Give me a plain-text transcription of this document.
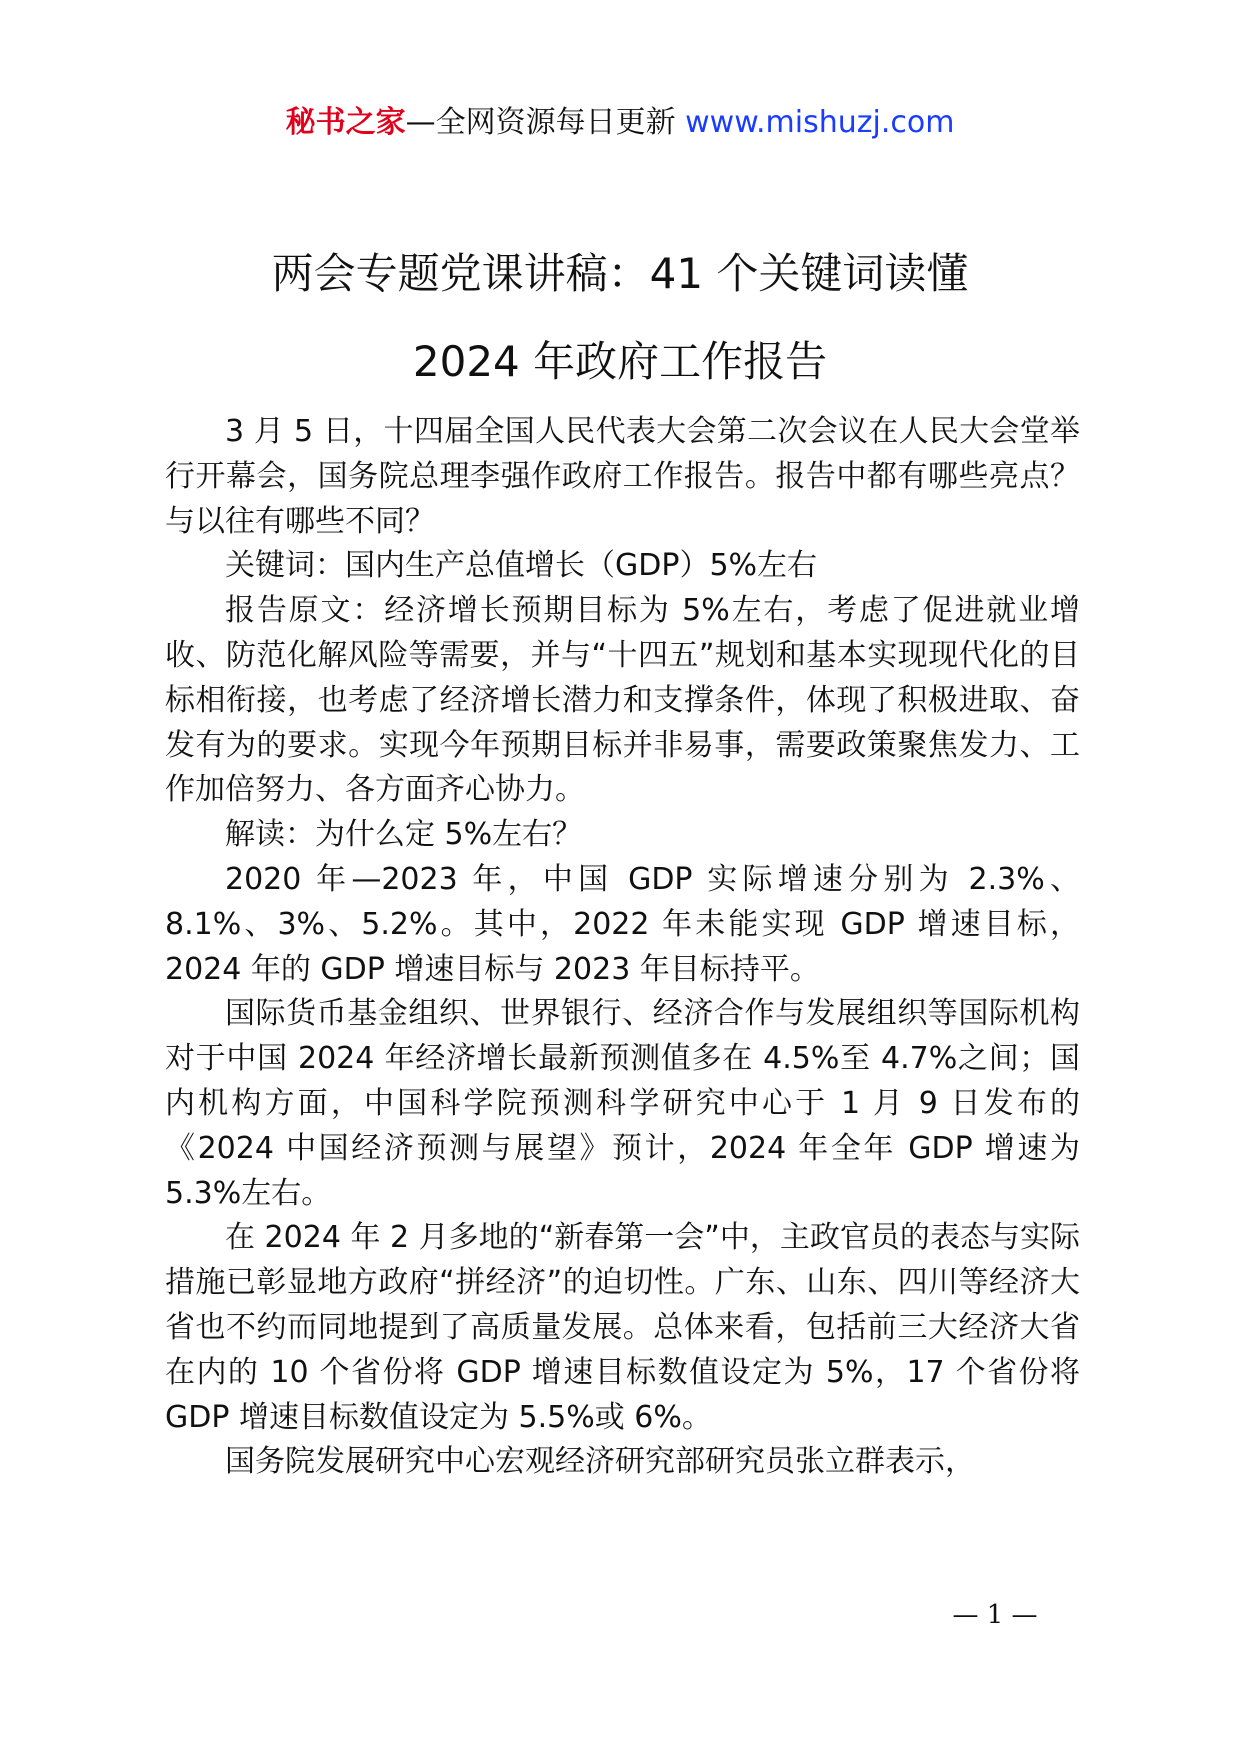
秘书之家—全网资源每日更新 www.mishuzj.com
两会专题党课讲稿：41 个关键词读懂
2024 年政府工作报告

3 月 5 日，十四届全国人民代表大会第二次会议在人民大会堂举行开幕会，国务院总理李强作政府工作报告。报告中都有哪些亮点？与以往有哪些不同？

关键词：国内生产总值增长（GDP）5%左右

报告原文：经济增长预期目标为 5%左右，考虑了促进就业增收、防范化解风险等需要，并与“十四五”规划和基本实现现代化的目标相衔接，也考虑了经济增长潜力和支撑条件，体现了积极进取、奋发有为的要求。实现今年预期目标并非易事，需要政策聚焦发力、工作加倍努力、各方面齐心协力。

解读：为什么定 5%左右？

2020 年—2023 年，中国 GDP 实际增速分别为 2.3%、8.1%、3%、5.2%。其中，2022 年未能实现 GDP 增速目标，2024 年的 GDP 增速目标与 2023 年目标持平。

国际货币基金组织、世界银行、经济合作与发展组织等国际机构对于中国 2024 年经济增长最新预测值多在 4.5%至 4.7%之间；国内机构方面，中国科学院预测科学研究中心于 1 月 9 日发布的《2024 中国经济预测与展望》预计，2024 年全年 GDP 增速为 5.3%左右。

在 2024 年 2 月多地的“新春第一会”中，主政官员的表态与实际措施已彰显地方政府“拼经济”的迫切性。广东、山东、四川等经济大省也不约而同地提到了高质量发展。总体来看，包括前三大经济大省在内的 10 个省份将 GDP 增速目标数值设定为 5%，17 个省份将 GDP 增速目标数值设定为 5.5%或 6%。

国务院发展研究中心宏观经济研究部研究员张立群表示，

— 1 —
